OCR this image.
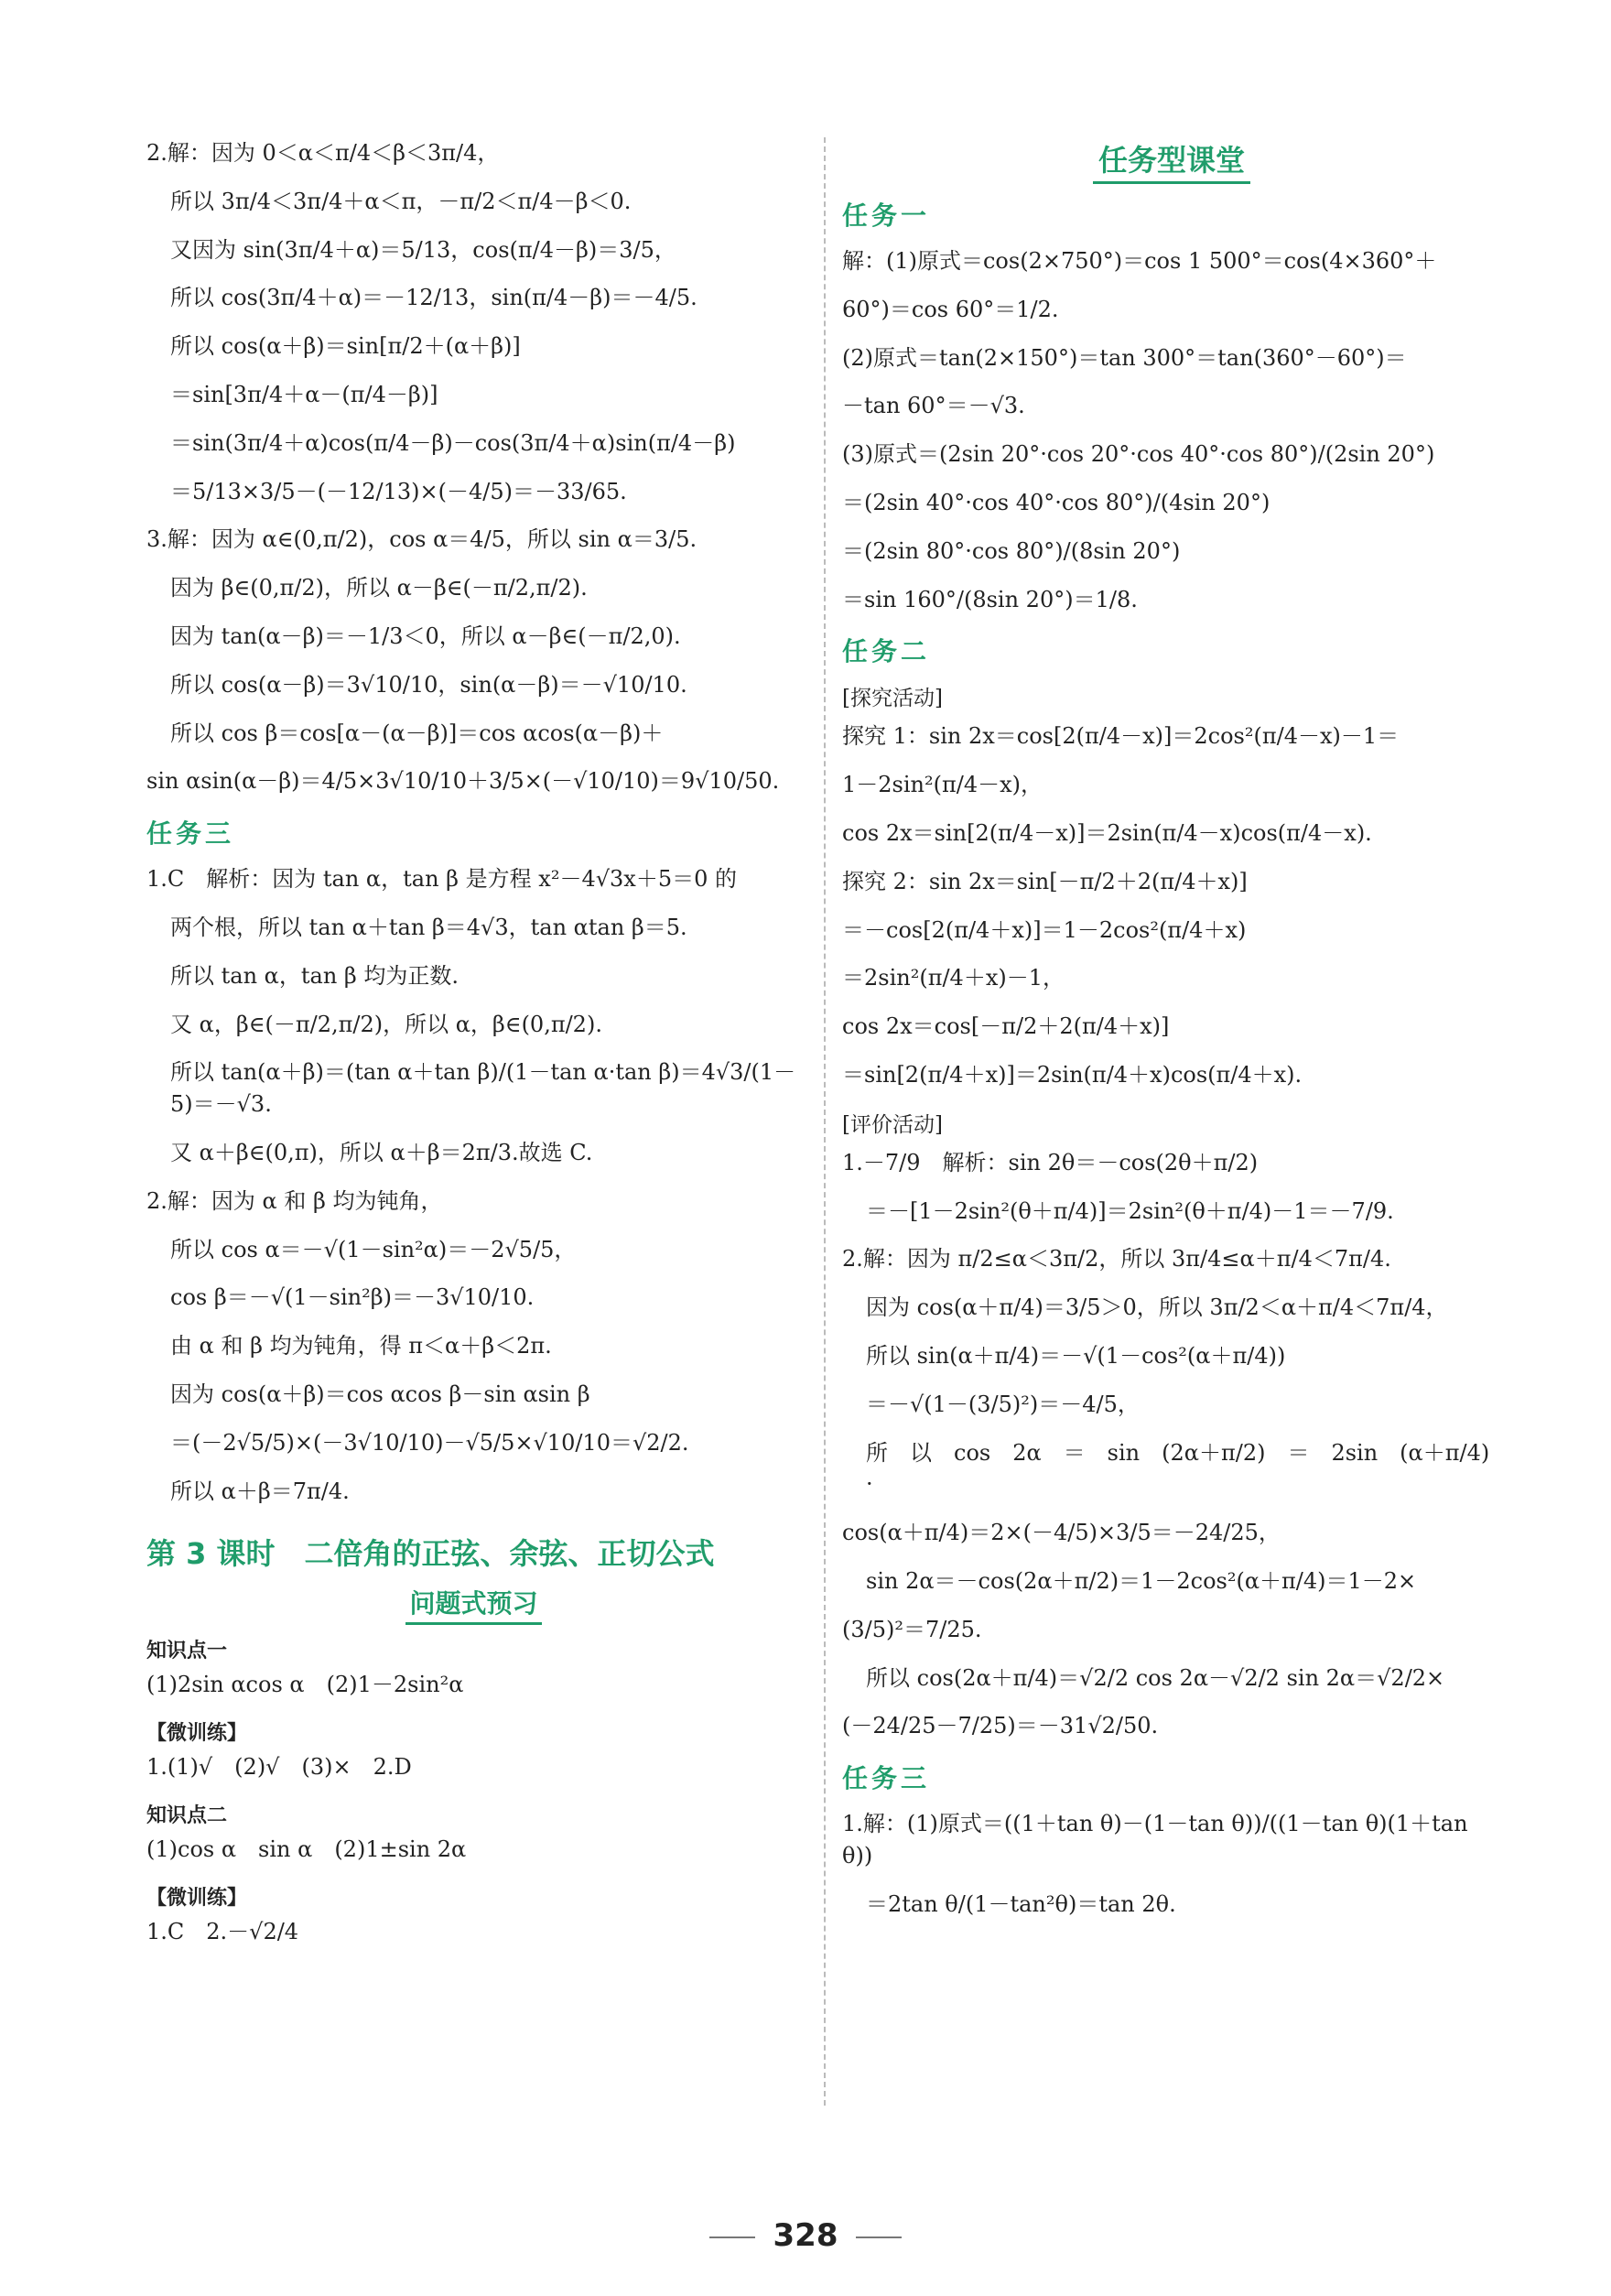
2.解：因为 0＜α＜π/4＜β＜3π/4，
所以 3π/4＜3π/4＋α＜π，－π/2＜π/4－β＜0.
又因为 sin(3π/4＋α)＝5/13，cos(π/4－β)＝3/5，
所以 cos(3π/4＋α)＝－12/13，sin(π/4－β)＝－4/5.
所以 cos(α＋β)＝sin[π/2＋(α＋β)]
＝sin[3π/4＋α－(π/4－β)]
＝sin(3π/4＋α)cos(π/4－β)－cos(3π/4＋α)sin(π/4－β)
＝5/13×3/5－(－12/13)×(－4/5)＝－33/65.
3.解：因为 α∈(0,π/2)，cos α＝4/5，所以 sin α＝3/5.
因为 β∈(0,π/2)，所以 α－β∈(－π/2,π/2).
因为 tan(α－β)＝－1/3＜0，所以 α－β∈(－π/2,0).
所以 cos(α－β)＝3√10/10，sin(α－β)＝－√10/10.
所以 cos β＝cos[α－(α－β)]＝cos αcos(α－β)＋
sin αsin(α－β)＝4/5×3√10/10＋3/5×(－√10/10)＝9√10/50.
任务三
1.C　解析：因为 tan α，tan β 是方程 x²－4√3x＋5＝0 的
两个根，所以 tan α＋tan β＝4√3，tan αtan β＝5.
所以 tan α，tan β 均为正数.
又 α，β∈(－π/2,π/2)，所以 α，β∈(0,π/2).
所以 tan(α＋β)＝(tan α＋tan β)/(1－tan α·tan β)＝4√3/(1－5)＝－√3.
又 α＋β∈(0,π)，所以 α＋β＝2π/3.故选 C.
2.解：因为 α 和 β 均为钝角，
所以 cos α＝－√(1－sin²α)＝－2√5/5，
cos β＝－√(1－sin²β)＝－3√10/10.
由 α 和 β 均为钝角，得 π＜α＋β＜2π.
因为 cos(α＋β)＝cos αcos β－sin αsin β
＝(－2√5/5)×(－3√10/10)－√5/5×√10/10＝√2/2.
所以 α＋β＝7π/4.
第 3 课时　二倍角的正弦、余弦、正切公式
问题式预习
知识点一
(1)2sin αcos α　(2)1－2sin²α
【微训练】
1.(1)√　(2)√　(3)×　2.D
知识点二
(1)cos α　sin α　(2)1±sin 2α
【微训练】
1.C　2.－√2/4
任务型课堂
任务一
解：(1)原式＝cos(2×750°)＝cos 1 500°＝cos(4×360°＋
60°)＝cos 60°＝1/2.
(2)原式＝tan(2×150°)＝tan 300°＝tan(360°－60°)＝
－tan 60°＝－√3.
(3)原式＝(2sin 20°·cos 20°·cos 40°·cos 80°)/(2sin 20°)
＝(2sin 40°·cos 40°·cos 80°)/(4sin 20°)
＝(2sin 80°·cos 80°)/(8sin 20°)
＝sin 160°/(8sin 20°)＝1/8.
任务二
[探究活动]
探究 1：sin 2x＝cos[2(π/4－x)]＝2cos²(π/4－x)－1＝
1－2sin²(π/4－x)，
cos 2x＝sin[2(π/4－x)]＝2sin(π/4－x)cos(π/4－x).
探究 2：sin 2x＝sin[－π/2＋2(π/4＋x)]
＝－cos[2(π/4＋x)]＝1－2cos²(π/4＋x)
＝2sin²(π/4＋x)－1，
cos 2x＝cos[－π/2＋2(π/4＋x)]
＝sin[2(π/4＋x)]＝2sin(π/4＋x)cos(π/4＋x).
[评价活动]
1.－7/9　解析：sin 2θ＝－cos(2θ＋π/2)
＝－[1－2sin²(θ＋π/4)]＝2sin²(θ＋π/4)－1＝－7/9.
2.解：因为 π/2≤α＜3π/2，所以 3π/4≤α＋π/4＜7π/4.
因为 cos(α＋π/4)＝3/5＞0，所以 3π/2＜α＋π/4＜7π/4，
所以 sin(α＋π/4)＝－√(1－cos²(α＋π/4))
＝－√(1－(3/5)²)＝－4/5，
所　以　cos　2α　＝　sin　(2α＋π/2)　＝　2sin　(α＋π/4)　·
cos(α＋π/4)＝2×(－4/5)×3/5＝－24/25，
sin 2α＝－cos(2α＋π/2)＝1－2cos²(α＋π/4)＝1－2×
(3/5)²＝7/25.
所以 cos(2α＋π/4)＝√2/2 cos 2α－√2/2 sin 2α＝√2/2×
(－24/25－7/25)＝－31√2/50.
任务三
1.解：(1)原式＝((1＋tan θ)－(1－tan θ))/((1－tan θ)(1＋tan θ))
＝2tan θ/(1－tan²θ)＝tan 2θ.
328
